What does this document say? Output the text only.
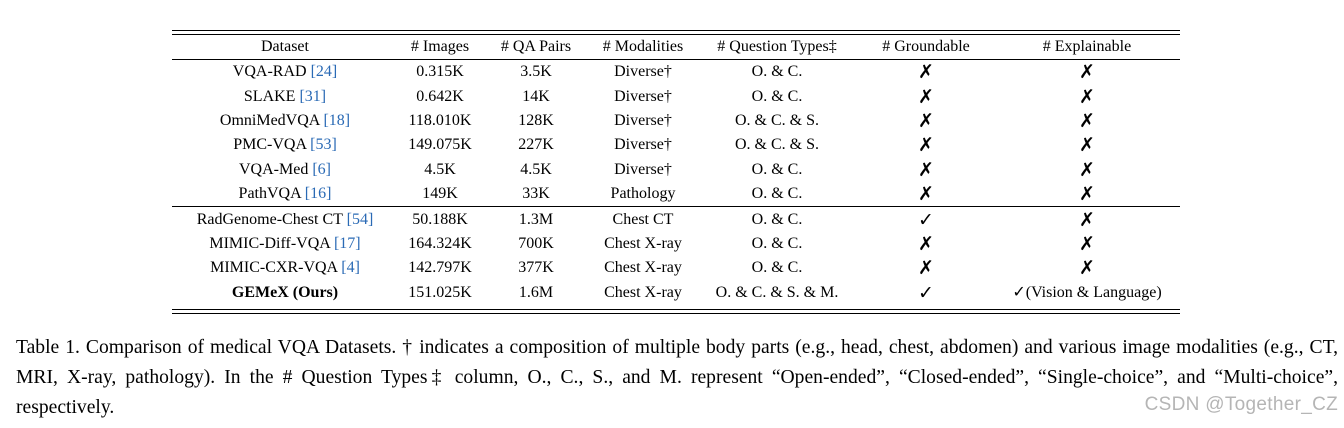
Dataset	# Images	# QA Pairs	# Modalities	# Question Types‡	# Groundable	# Explainable
VQA-RAD [24]	0.315K	3.5K	Diverse†	O. & C.	✗	✗
SLAKE [31]	0.642K	14K	Diverse†	O. & C.	✗	✗
OmniMedVQA [18]	118.010K	128K	Diverse†	O. & C. & S.	✗	✗
PMC-VQA [53]	149.075K	227K	Diverse†	O. & C. & S.	✗	✗
VQA-Med [6]	4.5K	4.5K	Diverse†	O. & C.	✗	✗
PathVQA [16]	149K	33K	Pathology	O. & C.	✗	✗
RadGenome-Chest CT [54]	50.188K	1.3M	Chest CT	O. & C.	✓	✗
MIMIC-Diff-VQA [17]	164.324K	700K	Chest X-ray	O. & C.	✗	✗
MIMIC-CXR-VQA [4]	142.797K	377K	Chest X-ray	O. & C.	✗	✗
GEMeX (Ours)	151.025K	1.6M	Chest X-ray	O. & C. & S. & M.	✓	✓(Vision & Language)
Table 1. Comparison of medical VQA Datasets. † indicates a composition of multiple body parts (e.g., head, chest, abdomen) and various image modalities (e.g., CT, MRI, X-ray, pathology). In the # Question Types‡ column, O., C., S., and M. represent “Open-ended”, “Closed-ended”, “Single-choice”, and “Multi-choice”, respectively.	CSDN @Together_CZ
